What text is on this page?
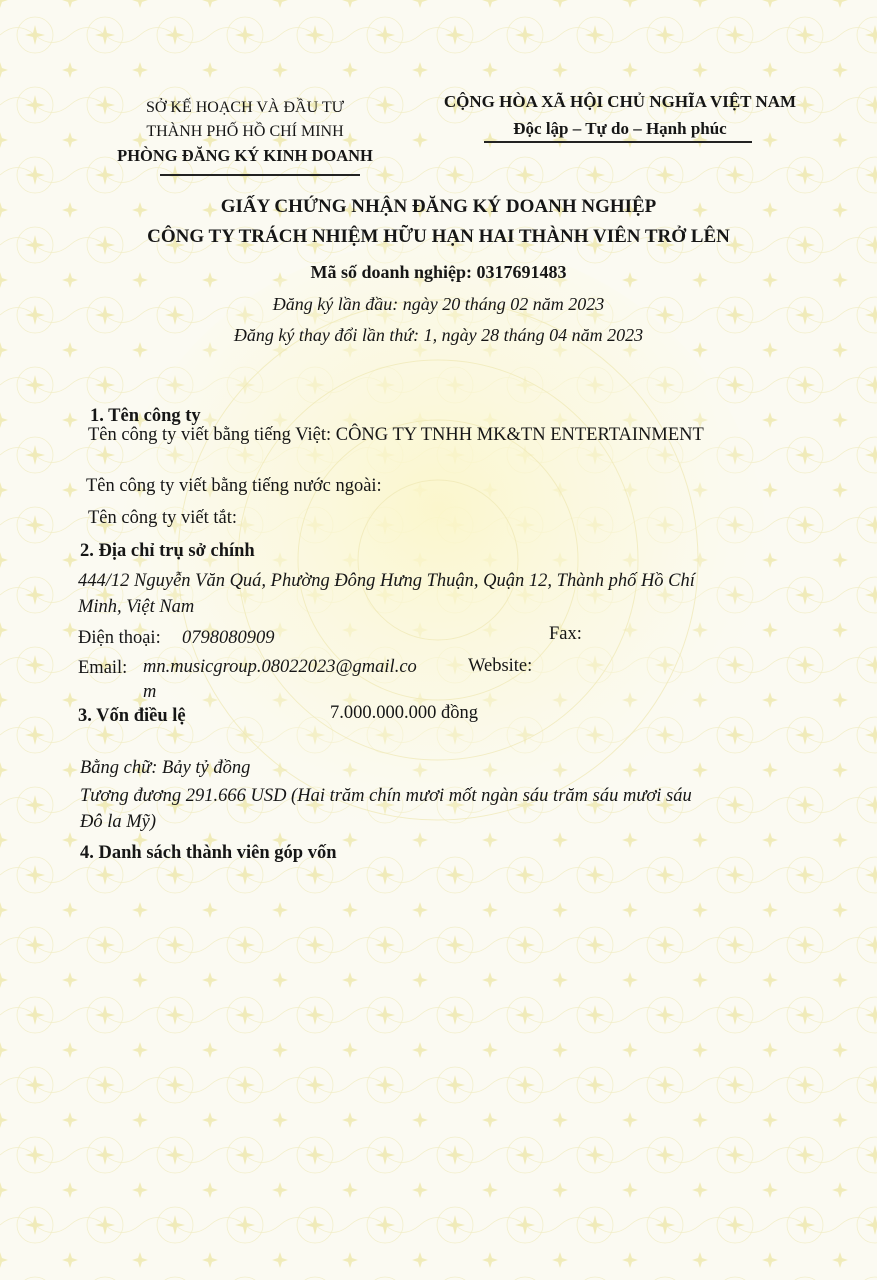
SỞ KẾ HOẠCH VÀ ĐẦU TƯ
THÀNH PHỐ HỒ CHÍ MINH
PHÒNG ĐĂNG KÝ KINH DOANH
CỘNG HÒA XÃ HỘI CHỦ NGHĨA VIỆT NAM
Độc lập – Tự do – Hạnh phúc
GIẤY CHỨNG NHẬN ĐĂNG KÝ DOANH NGHIỆP
CÔNG TY TRÁCH NHIỆM HỮU HẠN HAI THÀNH VIÊN TRỞ LÊN
Mã số doanh nghiệp: 0317691483
Đăng ký lần đầu: ngày 20 tháng 02 năm 2023
Đăng ký thay đổi lần thứ: 1, ngày 28 tháng 04 năm 2023
1. Tên công ty
Tên công ty viết bằng tiếng Việt: CÔNG TY TNHH MK&TN ENTERTAINMENT
Tên công ty viết bằng tiếng nước ngoài:
Tên công ty viết tắt:
2. Địa chỉ trụ sở chính
444/12 Nguyễn Văn Quá, Phường Đông Hưng Thuận, Quận 12, Thành phố Hồ Chí
Minh, Việt Nam
Điện thoại: 0798080909	Fax:
Email: mn.musicgroup.08022023@gmail.co
m
Website:
3. Vốn điều lệ	7.000.000.000 đồng
Bằng chữ: Bảy tỷ đồng
Tương đương 291.666 USD (Hai trăm chín mươi mốt ngàn sáu trăm sáu mươi sáu
Đô la Mỹ)
4. Danh sách thành viên góp vốn
